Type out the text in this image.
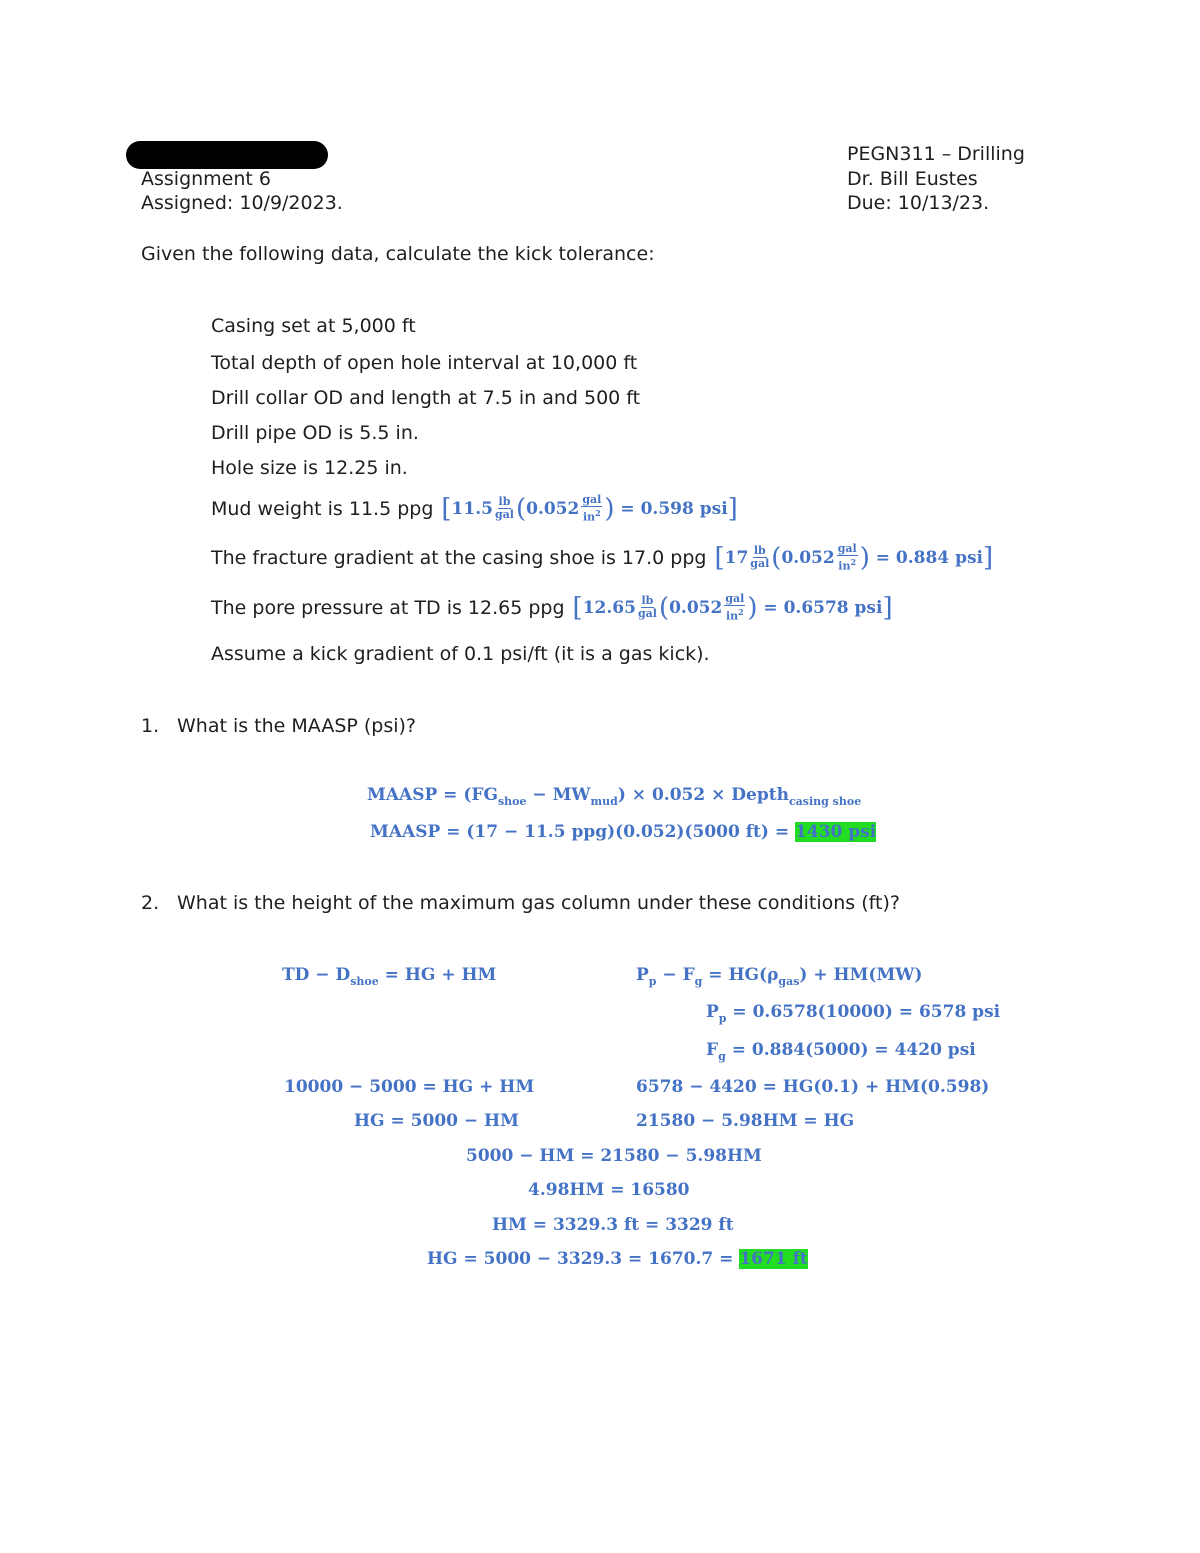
Assignment 6
Assigned: 10/9/2023.
PEGN311 – Drilling
Dr. Bill Eustes
Due: 10/13/23.
Given the following data, calculate the kick tolerance:
Casing set at 5,000 ft
Total depth of open hole interval at 10,000 ft
Drill collar OD and length at 7.5 in and 500 ft
Drill pipe OD is 5.5 in.
Hole size is 12.25 in.
Mud weight is 11.5 ppg [ $11.5 \frac{lb}{\text{gal}}$ ( $0.052 \frac{\text{gal}}{in^2}$ )
= 0.598 psi ]
The fracture gradient at the casing shoe is 17.0 ppg [ $17 \frac{lb}{\text{gal}}$ ( $0.052 \frac{\text{gal}}{in^2}$ )
= 0.884 psi ]
The pore pressure at TD is 12.65 ppg [ $12.65 \frac{lb}{\text{gal}}$ ( $0.052 \frac{\text{gal}}{in^2}$ )
= 0.6578 psi ]
Assume a kick gradient of 0.1 psi/ft (it is a gas kick).
1. What is the MAASP (psi)?
MAASP = $(FG_{shoe} - MW_{mud}) \times 0.052$ × Depth$_{casing shoe}$
MAASP = (17 − 11.5 ppg)(0.052)(5000 ft) = 1430 psi
2. What is the height of the maximum gas column under these conditions (ft)?
TD − $D_{shoe}$ = HG + HM	$P_p - F_g = HG(\rho_{gas}) + HM(MW)$
$P_p = 0.6578(10000) = 6578$ psi
$F_g = 0.884(5000) = 4420$ psi
10000 − 5000 = HG + HM	6578 − 4420 = HG(0.1) + HM(0.598)
HG = 5000 − HM	21580 − 5.98HM = HG
5000 − HM = 21580 − 5.98HM
4.98HM = 16580
HM = 3329.3 ft = 3329 ft
HG = 5000 − 3329.3 = 1670.7 = 1671 ft
